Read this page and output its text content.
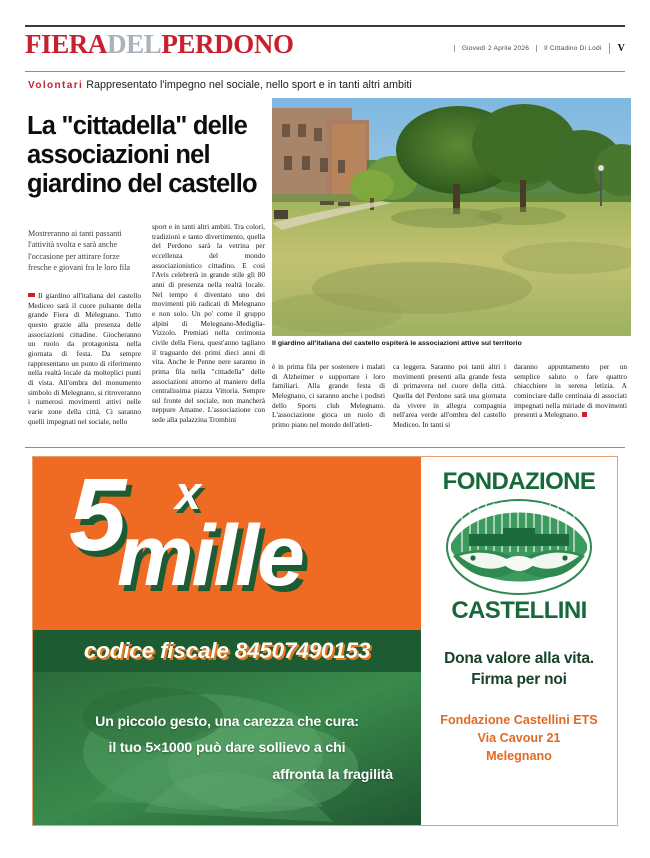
FIERADELPERDONO	Giovedì 2 Aprile 2026	Il Cittadino Di Lodi	V
Volontari Rappresentato l'impegno nel sociale, nello sport e in tanti altri ambiti
La "cittadella" delle associazioni nel giardino del castello
Il giardino all'italiana del castello ospiterà le associazioni attive sul territorio
Mostreranno ai tanti passanti l'attività svolta e sarà anche l'occasione per attirare forze fresche e giovani fra le loro fila
Il giardino all'italiana del castello Mediceo sarà il cuore pulsante della grande Fiera di Melegnano. Tutto questo grazie alla presenza delle associazioni cittadine. Giocheranno un ruolo da protagonista nella giornata di festa. Da sempre rappresentano un punto di riferimento nella realtà locale da molteplici punti di vista. All'ombra del monumento simbolo di Melegnano, si ritroveranno i numerosi movimenti attivi nelle varie zone della città. Ci saranno quelli impegnati nel sociale, nello
sport e in tanti altri ambiti. Tra colori, tradizioni e tanto divertimento, quella del Perdono sarà la vetrina per eccellenza del mondo associazionistico cittadino. E così l'Avis celebrerà in grande stile gli 80 anni di presenza nella realtà locale. Nel tempo è diventato uno dei movimenti più radicati di Melegnano e non solo. Un po' come il gruppo alpini di Melegnano-Mediglia-Vizzolo. Premiati nella cerimonia civile della Fiera, quest'anno tagliano il traguardo dei primi dieci anni di vita. Anche le Penne nere saranno in prima fila nella "cittadella" delle associazioni attorno al maniero della centralissima piazza Vittoria. Sempre sul fronte del sociale, non mancherà neppure Amame. L'associazione con sede alla palazzina Trombini
è in prima fila per sostenere i malati di Alzheimer e supportare i loro familiari. Alla grande festa di Melegnano, ci saranno anche i podisti dello Sports club Melegnano. L'associazione gioca un ruolo di primo piano nel mondo dell'atleti-
ca leggera. Saranno poi tanti altri i movimenti presenti alla grande festa di primavera nel cuore della città. Quella del Perdono sarà una giornata da vivere in allegra compagnia nell'area verde all'ombra del castello Mediceo. In tanti si
daranno appuntamento per un semplice saluto o fare quattro chiacchiere in serena letizia. A cominciare dalle centinaia di associati impegnati nella miriade di movimenti presenti a Melegnano.
5 x
mille
codice fiscale 84507490153
Un piccolo gesto, una carezza che cura:
il tuo 5×1000 può dare sollievo a chi
affronta la fragilità
FONDAZIONE
CASTELLINI
Dona valore alla vita.
Firma per noi
Fondazione Castellini ETS
Via Cavour 21
Melegnano
